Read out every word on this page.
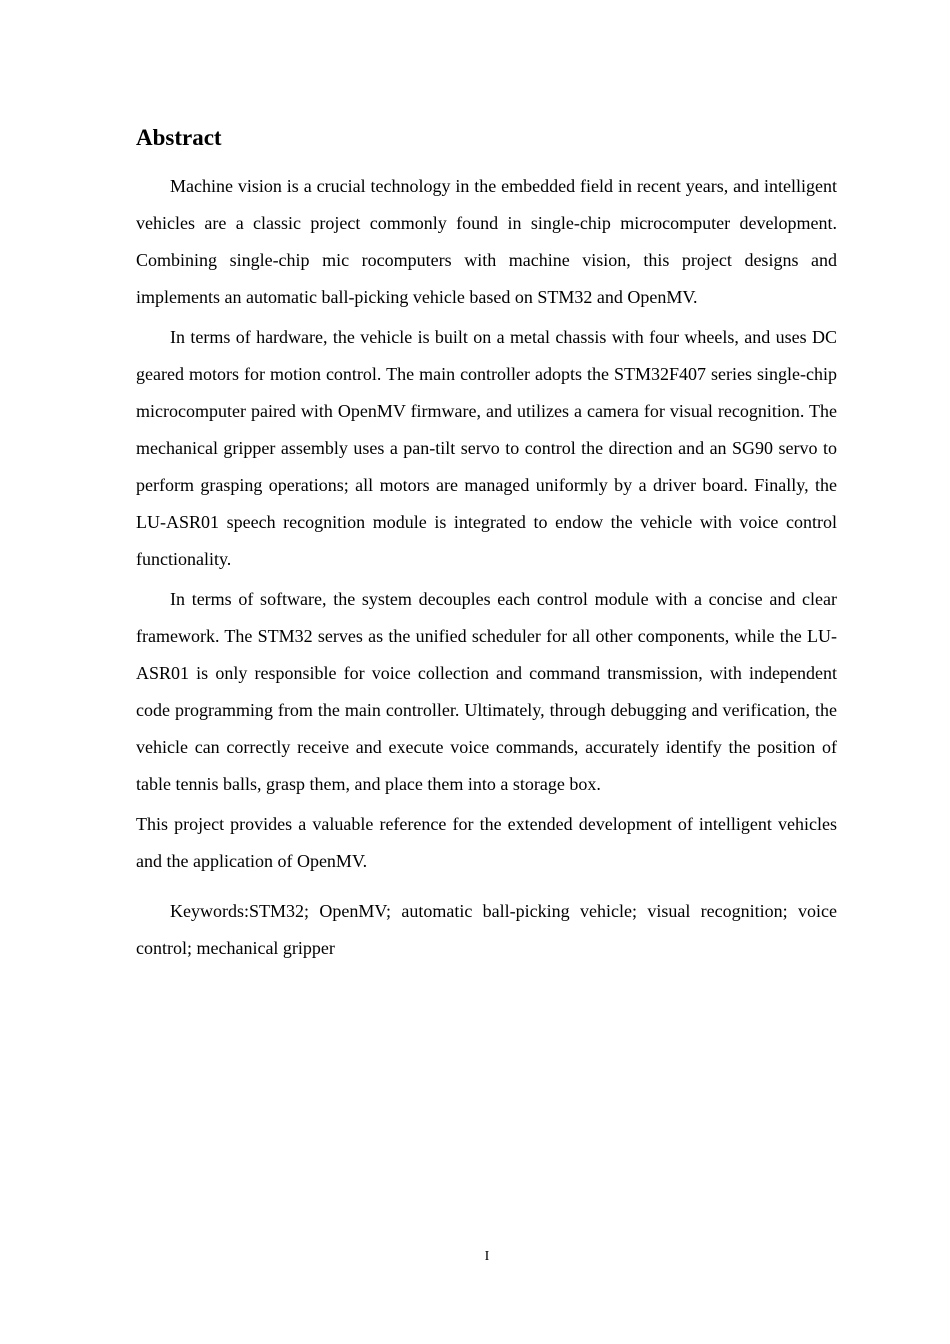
Abstract

Machine vision is a crucial technology in the embedded field in recent years, and intelligent vehicles are a classic project commonly found in single-chip microcomputer development. Combining single-chip mic rocomputers with machine vision, this project designs and implements an automatic ball-picking vehicle based on STM32 and OpenMV.

In terms of hardware, the vehicle is built on a metal chassis with four wheels, and uses DC geared motors for motion control. The main controller adopts the STM32F407 series single-chip microcomputer paired with OpenMV firmware, and utilizes a camera for visual recognition. The mechanical gripper assembly uses a pan-tilt servo to control the direction and an SG90 servo to perform grasping operations; all motors are managed uniformly by a driver board. Finally, the LU-ASR01 speech recognition module is integrated to endow the vehicle with voice control functionality.

In terms of software, the system decouples each control module with a concise and clear framework. The STM32 serves as the unified scheduler for all other components, while the LU-ASR01 is only responsible for voice collection and command transmission, with independent code programming from the main controller. Ultimately, through debugging and verification, the vehicle can correctly receive and execute voice commands, accurately identify the position of table tennis balls, grasp them, and place them into a storage box.

This project provides a valuable reference for the extended development of intelligent vehicles and the application of OpenMV.

Keywords:STM32; OpenMV; automatic ball-picking vehicle; visual recognition; voice control; mechanical gripper

I
